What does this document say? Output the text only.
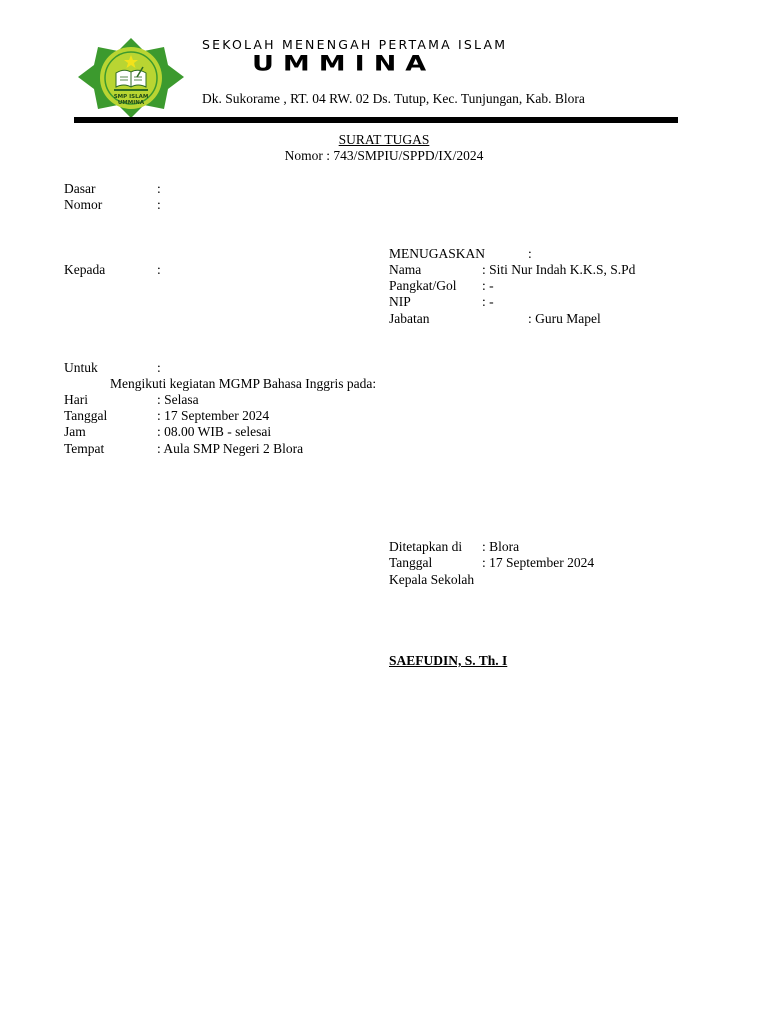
SMP ISLAM
UMMINA
SEKOLAH MENENGAH PERTAMA ISLAM
UMMINA
Dk. Sukorame , RT. 04 RW. 02 Ds. Tutup, Kec. Tunjungan, Kab. Blora
SURAT TUGAS
Nomor : 743/SMPIU/SPPD/IX/2024
Dasar	:
Nomor	:
MENUGASKAN	:
Kepada	:	Nama	: Siti Nur Indah K.K.S, S.Pd
Pangkat/Gol : -
NIP	: -
Jabatan	: Guru Mapel
Untuk	:
Mengikuti kegiatan MGMP Bahasa Inggris pada:
Hari	: Selasa
Tanggal	: 17 September 2024
Jam	: 08.00 WIB - selesai
Tempat	: Aula SMP Negeri 2 Blora
Ditetapkan di : Blora
Tanggal	: 17 September 2024
Kepala Sekolah
SAEFUDIN, S. Th. I
